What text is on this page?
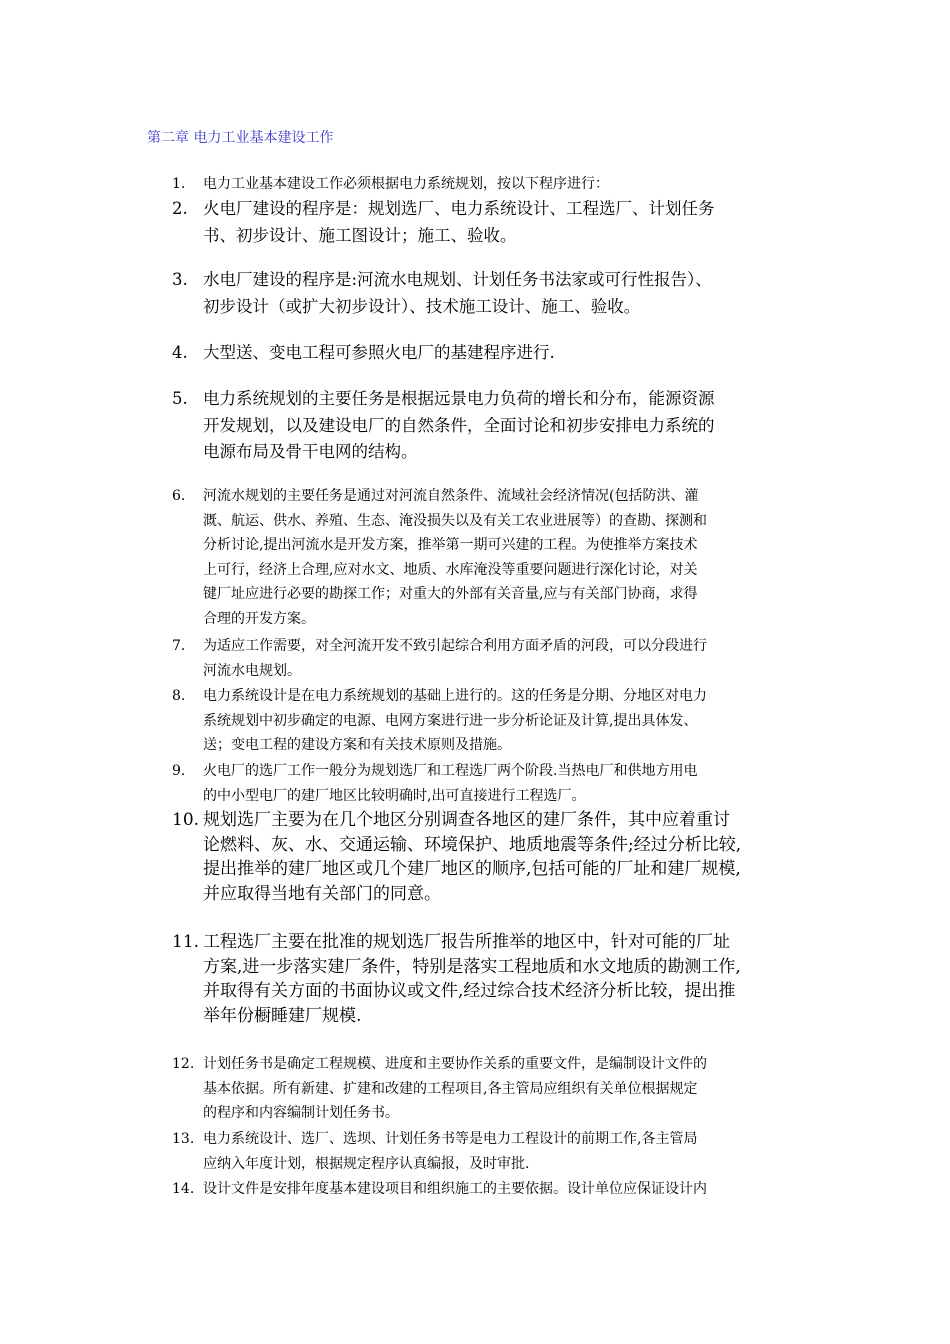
第二章 电力工业基本建设工作
1. 电力工业基本建设工作必须根据电力系统规划，按以下程序进行：
2. 火电厂建设的程序是：规划选厂、电力系统设计、工程选厂、计划任务
书、初步设计、施工图设计；施工、验收。
3. 水电厂建设的程序是:河流水电规划、计划任务书法家或可行性报告）、
初步设计（或扩大初步设计）、技术施工设计、施工、验收。
4. 大型送、变电工程可参照火电厂的基建程序进行.
5. 电力系统规划的主要任务是根据远景电力负荷的增长和分布，能源资源
开发规划，以及建设电厂的自然条件，全面讨论和初步安排电力系统的
电源布局及骨干电网的结构。
6. 河流水规划的主要任务是通过对河流自然条件、流域社会经济情况(包括防洪、灌
溉、航运、供水、养殖、生态、淹没损失以及有关工农业进展等）的查勘、探测和
分析讨论,提出河流水是开发方案，推举第一期可兴建的工程。为使推举方案技术
上可行，经济上合理,应对水文、地质、水库淹没等重要问题进行深化讨论，对关
键厂址应进行必要的勘探工作；对重大的外部有关音量,应与有关部门协商，求得
合理的开发方案。
7. 为适应工作需要，对全河流开发不致引起综合利用方面矛盾的河段，可以分段进行
河流水电规划。
8. 电力系统设计是在电力系统规划的基础上进行的。这的任务是分期、分地区对电力
系统规划中初步确定的电源、电网方案进行进一步分析论证及计算,提出具体发、
送；变电工程的建设方案和有关技术原则及措施。
9. 火电厂的选厂工作一般分为规划选厂和工程选厂两个阶段.当热电厂和供地方用电
的中小型电厂的建厂地区比较明确时,出可直接进行工程选厂。
10. 规划选厂主要为在几个地区分别调查各地区的建厂条件，其中应着重讨
论燃料、灰、水、交通运输、环境保护、地质地震等条件;经过分析比较,
提出推举的建厂地区或几个建厂地区的顺序,包括可能的厂址和建厂规模,
并应取得当地有关部门的同意。
11. 工程选厂主要在批准的规划选厂报告所推举的地区中，针对可能的厂址
方案,进一步落实建厂条件，特别是落实工程地质和水文地质的勘测工作,
并取得有关方面的书面协议或文件,经过综合技术经济分析比较，提出推
举年份橱睡建厂规模.
12. 计划任务书是确定工程规模、进度和主要协作关系的重要文件，是编制设计文件的
基本依据。所有新建、扩建和改建的工程项目,各主管局应组织有关单位根据规定
的程序和内容编制计划任务书。
13. 电力系统设计、选厂、选坝、计划任务书等是电力工程设计的前期工作,各主管局
应纳入年度计划，根据规定程序认真编报，及时审批.
14. 设计文件是安排年度基本建设项目和组织施工的主要依据。设计单位应保证设计内
